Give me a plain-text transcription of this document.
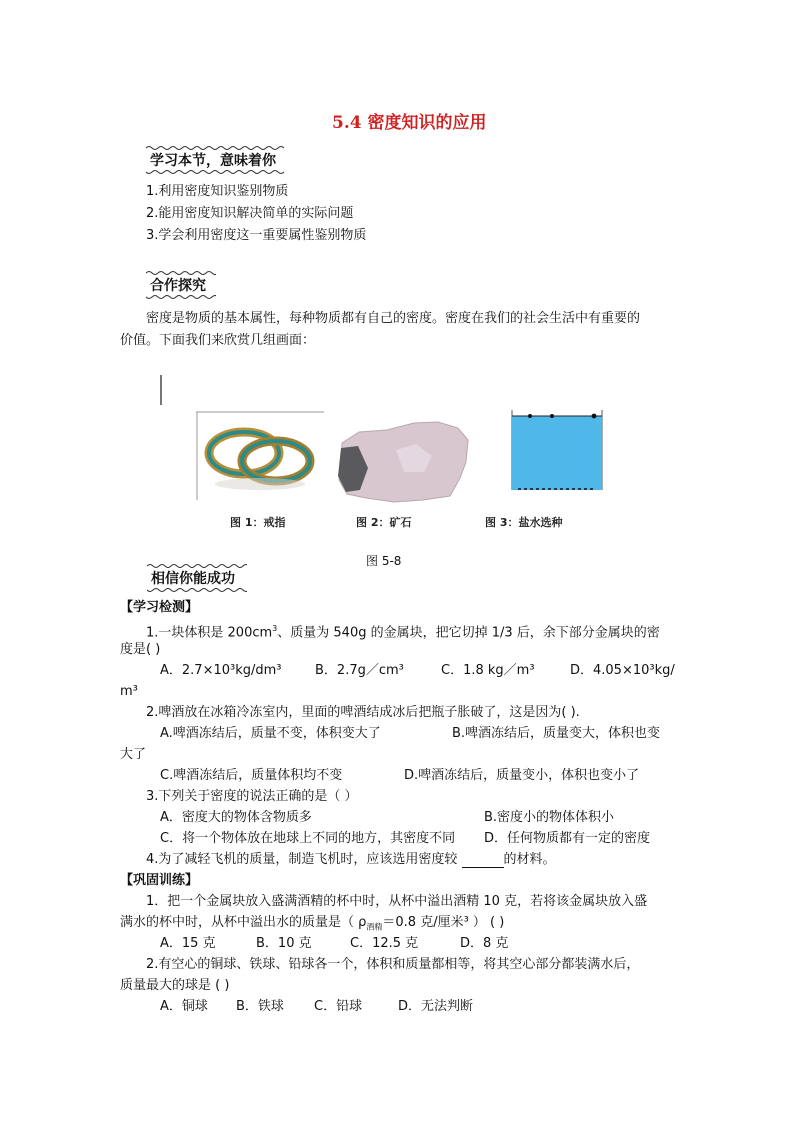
5.4 密度知识的应用
学习本节，意味着你
1.利用密度知识鉴别物质
2.能用密度知识解决简单的实际问题
3.学会利用密度这一重要属性鉴别物质
合作探究
密度是物质的基本属性，每种物质都有自己的密度。密度在我们的社会生活中有重要的
价值。下面我们来欣赏几组画面：
图 1：戒指	图 2：矿石	图 3：盐水选种
图 5-8
相信你能成功
【学习检测】
1.一块体积是 $200cm^3$、质量为 540g 的金属块，把它切掉 1/3 后，余下部分金属块的密
度是( )
A．2.7×10³kg/dm³	B．2.7g／cm³	C．1.8 kg／m³	D．4.05×10³kg/
m³
2.啤酒放在冰箱冷冻室内，里面的啤酒结成冰后把瓶子胀破了，这是因为( ).
A.啤酒冻结后，质量不变，体积变大了	B.啤酒冻结后，质量变大，体积也变
大了
C.啤酒冻结后，质量体积均不变	D.啤酒冻结后，质量变小，体积也变小了
3.下列关于密度的说法正确的是（ ）
A．密度大的物体含物质多	B.密度小的物体体积小
C．将一个物体放在地球上不同的地方，其密度不同 D．任何物质都有一定的密度
4.为了减轻飞机的质量，制造飞机时，应该选用密度较	的材料。
【巩固训练】
1．把一个金属块放入盛满酒精的杯中时，从杯中溢出酒精 10 克，若将该金属块放入盛
满水的杯中时，从杯中溢出水的质量是（ $\rho_{酒精}=0.8$ 克/厘米³ ） ( )
A．15 克	B．10 克	C．12.5 克	D．8 克
2.有空心的铜球、铁球、铅球各一个，体积和质量都相等，将其空心部分都装满水后，
质量最大的球是 ( )
A．铜球 B．铁球 C．铅球	D．无法判断
